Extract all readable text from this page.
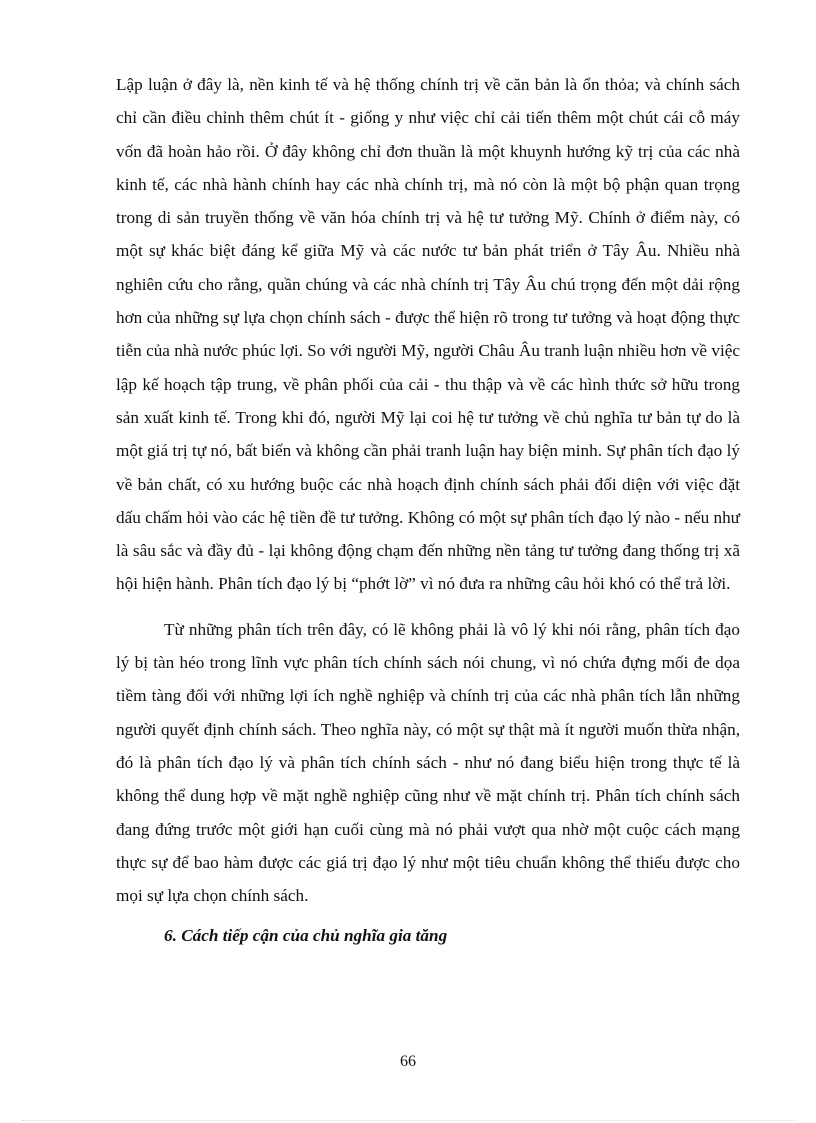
Lập luận ở đây là, nền kinh tế và hệ thống chính trị về căn bản là ổn thỏa; và chính sách chỉ cần điều chỉnh thêm chút ít - giống y như việc chỉ cải tiến thêm một chút cái cỗ máy vốn đã hoàn hảo rồi. Ở đây không chỉ đơn thuần là một khuynh hướng kỹ trị của các nhà kinh tế, các nhà hành chính hay các nhà chính trị, mà nó còn là một bộ phận quan trọng trong di sản truyền thống về văn hóa chính trị và hệ tư tưởng Mỹ. Chính ở điểm này, có một sự khác biệt đáng kể giữa Mỹ và các nước tư bản phát triển ở Tây Âu. Nhiều nhà nghiên cứu cho rằng, quần chúng và các nhà chính trị Tây Âu chú trọng đến một dải rộng hơn của những sự lựa chọn chính sách - được thể hiện rõ trong tư tưởng và hoạt động thực tiễn của nhà nước phúc lợi. So với người Mỹ, người Châu Âu tranh luận nhiều hơn về việc lập kế hoạch tập trung, về phân phối của cải - thu thập và về các hình thức sở hữu trong sản xuất kinh tế. Trong khi đó, người Mỹ lại coi hệ tư tưởng về chủ nghĩa tư bản tự do là một giá trị tự nó, bất biến và không cần phải tranh luận hay biện minh. Sự phân tích đạo lý về bản chất, có xu hướng buộc các nhà hoạch định chính sách phải đối diện với việc đặt dấu chấm hỏi vào các hệ tiền đề tư tưởng. Không có một sự phân tích đạo lý nào - nếu như là sâu sắc và đầy đủ - lại không động chạm đến những nền tảng tư tưởng đang thống trị xã hội hiện hành. Phân tích đạo lý bị “phớt lờ” vì nó đưa ra những câu hỏi khó có thể trả lời.

Từ những phân tích trên đây, có lẽ không phải là vô lý khi nói rằng, phân tích đạo lý bị tàn héo trong lĩnh vực phân tích chính sách nói chung, vì nó chứa đựng mối đe dọa tiềm tàng đối với những lợi ích nghề nghiệp và chính trị của các nhà phân tích lẫn những người quyết định chính sách. Theo nghĩa này, có một sự thật mà ít người muốn thừa nhận, đó là phân tích đạo lý và phân tích chính sách - như nó đang biểu hiện trong thực tế là không thể dung hợp về mặt nghề nghiệp cũng như về mặt chính trị. Phân tích chính sách đang đứng trước một giới hạn cuối cùng mà nó phải vượt qua nhờ một cuộc cách mạng thực sự để bao hàm được các giá trị đạo lý như một tiêu chuẩn không thể thiếu được cho mọi sự lựa chọn chính sách.

6. Cách tiếp cận của chủ nghĩa gia tăng
66
